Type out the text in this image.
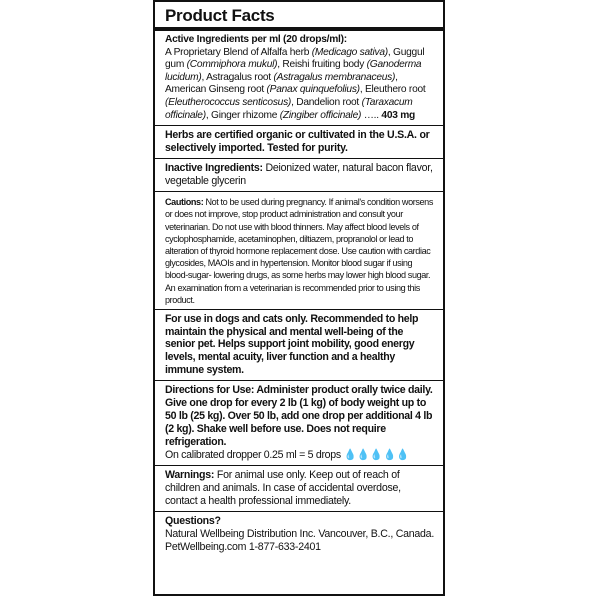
Product Facts

Active Ingredients per ml (20 drops/ml):

A Proprietary Blend of Alfalfa herb (Medicago sativa), Guggul gum (Commiphora mukul), Reishi fruiting body (Ganoderma lucidum), Astragalus root (Astragalus membranaceus), American Ginseng root (Panax quinquefolius), Eleuthero root (Eleutherococcus senticosus), Dandelion root (Taraxacum officinale), Ginger rhizome (Zingiber officinale) ….. 403 mg

Herbs are certified organic or cultivated in the U.S.A. or selectively imported. Tested for purity.

Inactive Ingredients: Deionized water, natural bacon flavor, vegetable glycerin

Cautions: Not to be used during pregnancy. If animal's condition worsens or does not improve, stop product administration and consult your veterinarian. Do not use with blood thinners. May affect blood levels of cyclophosphamide, acetaminophen, diltiazem, propranolol or lead to alteration of thyroid hormone replacement dose. Use caution with cardiac glycosides, MAOIs and in hypertension. Monitor blood sugar if using blood-sugar- lowering drugs, as some herbs may lower high blood sugar. An examination from a veterinarian is recommended prior to using this product.

For use in dogs and cats only. Recommended to help maintain the physical and mental well-being of the senior pet. Helps support joint mobility, good energy levels, mental acuity, liver function and a healthy immune system.

Directions for Use: Administer product orally twice daily. Give one drop for every 2 lb (1 kg) of body weight up to 50 lb (25 kg). Over 50 lb, add one drop per additional 4 lb (2 kg). Shake well before use. Does not require refrigeration.

On calibrated dropper 0.25 ml = 5 drops 💧💧💧💧💧

Warnings: For animal use only. Keep out of reach of children and animals. In case of accidental overdose, contact a health professional immediately.

Questions?

Natural Wellbeing Distribution Inc. Vancouver, B.C., Canada. PetWellbeing.com 1-877-633-2401
